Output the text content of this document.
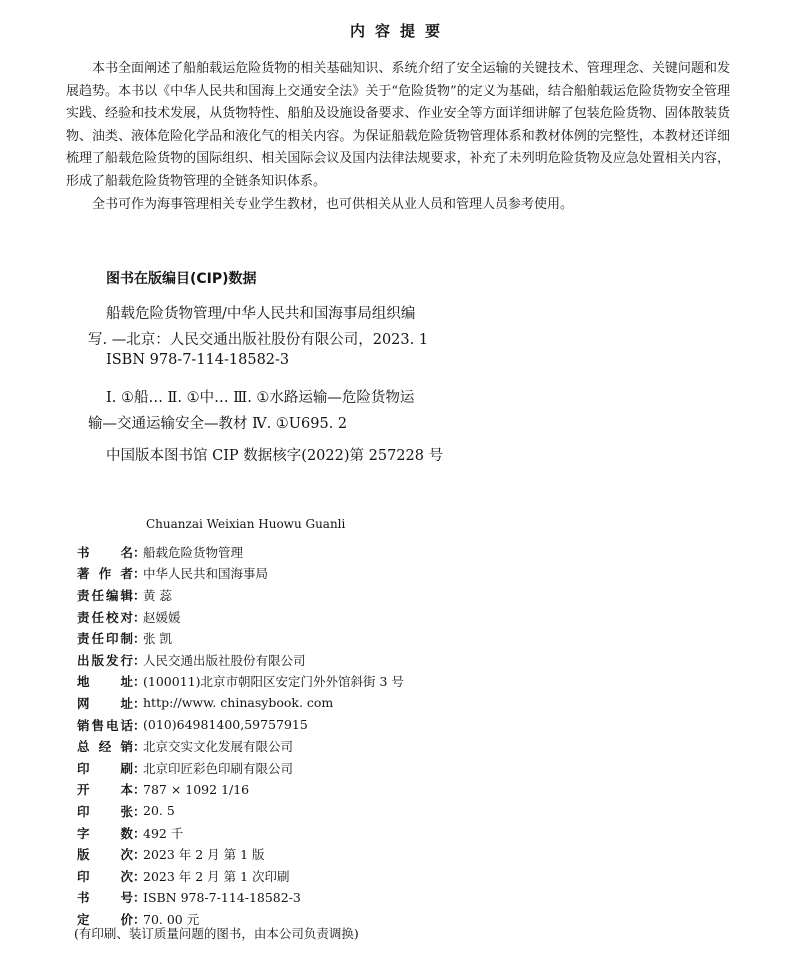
内容提要

本书全面阐述了船舶载运危险货物的相关基础知识、系统介绍了安全运输的关键技术、管理理念、关键问题和发展趋势。本书以《中华人民共和国海上交通安全法》关于“危险货物”的定义为基础，结合船舶载运危险货物安全管理实践、经验和技术发展，从货物特性、船舶及设施设备要求、作业安全等方面详细讲解了包装危险货物、固体散装货物、油类、液体危险化学品和液化气的相关内容。为保证船载危险货物管理体系和教材体例的完整性，本教材还详细梳理了船载危险货物的国际组织、相关国际会议及国内法律法规要求，补充了未列明危险货物及应急处置相关内容，形成了船载危险货物管理的全链条知识体系。

全书可作为海事管理相关专业学生教材，也可供相关从业人员和管理人员参考使用。

图书在版编目(CIP)数据
船载危险货物管理/中华人民共和国海事局组织编
写. —北京：人民交通出版社股份有限公司，2023. 1
ISBN 978-7-114-18582-3
Ⅰ. ①船… Ⅱ. ①中… Ⅲ. ①水路运输—危险货物运
输—交通运输安全—教材 Ⅳ. ①U695. 2
中国版本图书馆 CIP 数据核字(2022)第 257228 号
Chuanzai Weixian Huowu Guanli
书 名 ：
船载危险货物管理
著 作 者 ：
中华人民共和国海事局
责 任 编 辑 ：
黄 蕊
责 任 校 对 ：
赵媛媛
责 任 印 制 ：
张 凯
出 版 发 行 ：
人民交通出版社股份有限公司
地 址 ：
(100011)北京市朝阳区安定门外外馆斜街 3 号
网 址 ：
http://www. chinasybook. com
销 售 电 话 ：
(010)64981400,59757915
总 经 销 ：
北京交实文化发展有限公司
印 刷 ：
北京印匠彩色印刷有限公司
开 本 ：
787 × 1092 1/16
印 张 ：
20. 5
字 数 ：
492 千
版 次 ：
2023 年 2 月 第 1 版
印 次 ：
2023 年 2 月 第 1 次印刷
书 号 ：
ISBN 978-7-114-18582-3
定 价 ：
70. 00 元
(有印刷、装订质量问题的图书，由本公司负责调换)
